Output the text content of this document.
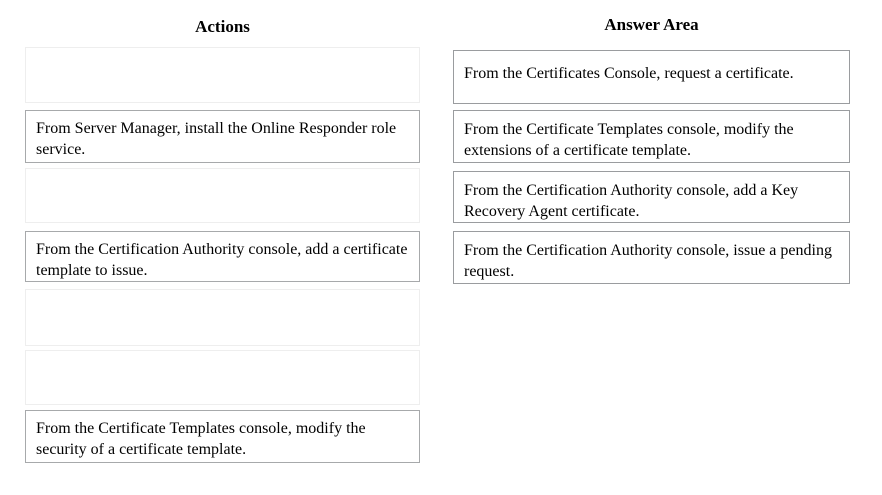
Actions	Answer Area
From Server Manager, install the Online Responder role service.
From the Certification Authority console, add a certificate template to issue.
From the Certificate Templates console, modify the security of a certificate template.
From the Certificates Console, request a certificate.
From the Certificate Templates console, modify the extensions of a certificate template.
From the Certification Authority console, add a Key Recovery Agent certificate.
From the Certification Authority console, issue a pending request.
